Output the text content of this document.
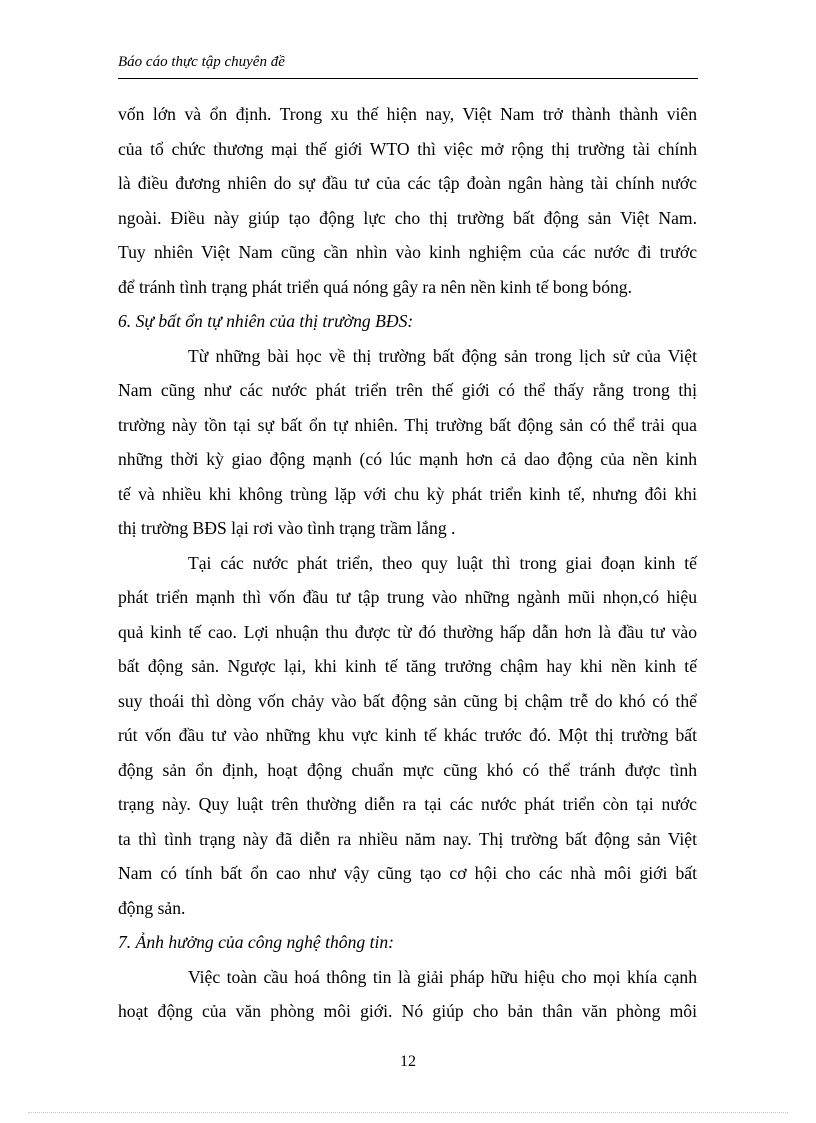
Báo cáo thực tập chuyên đề
vốn lớn và ổn định. Trong xu thế hiện nay, Việt Nam trở thành thành viên
của tổ chức thương mại thế giới WTO thì việc mở rộng thị trường tài chính
là điều đương nhiên do sự đầu tư của các tập đoàn ngân hàng tài chính nước
ngoài. Điều này giúp tạo động lực cho thị trường bất động sản Việt Nam.
Tuy nhiên Việt Nam cũng cần nhìn vào kinh nghiệm của các nước đi trước
để tránh tình trạng phát triển quá nóng gây ra nên nền kinh tế bong bóng.
6. Sự bất ổn tự nhiên của thị trường BĐS:
Từ những bài học về thị trường bất động sản trong lịch sử của Việt
Nam cũng như các nước phát triển trên thế giới có thể thấy rằng trong thị
trường này tồn tại sự bất ổn tự nhiên. Thị trường bất động sản có thể trải qua
những thời kỳ giao động mạnh (có lúc mạnh hơn cả dao động của nền kinh
tế và nhiều khi không trùng lặp với chu kỳ phát triển kinh tế, nhưng đôi khi
thị trường BĐS lại rơi vào tình trạng trầm lắng .
Tại các nước phát triển, theo quy luật thì trong giai đoạn kinh tế
phát triển mạnh thì vốn đầu tư tập trung vào những ngành mũi nhọn,có hiệu
quả kinh tế cao. Lợi nhuận thu được từ đó thường hấp dẫn hơn là đầu tư vào
bất động sản. Ngược lại, khi kinh tế tăng trưởng chậm hay khi nền kinh tế
suy thoái thì dòng vốn chảy vào bất động sản cũng bị chậm trễ do khó có thể
rút vốn đầu tư vào những khu vực kinh tế khác trước đó. Một thị trường bất
động sản ổn định, hoạt động chuẩn mực cũng khó có thể tránh được tình
trạng này. Quy luật trên thường diễn ra tại các nước phát triển còn tại nước
ta thì tình trạng này đã diễn ra nhiều năm nay. Thị trường bất động sản Việt
Nam có tính bất ổn cao như vậy cũng tạo cơ hội cho các nhà môi giới bất
động sản.
7. Ảnh hưởng của công nghệ thông tin:
Việc toàn cầu hoá thông tin là giải pháp hữu hiệu cho mọi khía cạnh
hoạt động của văn phòng môi giới. Nó giúp cho bản thân văn phòng môi
12
